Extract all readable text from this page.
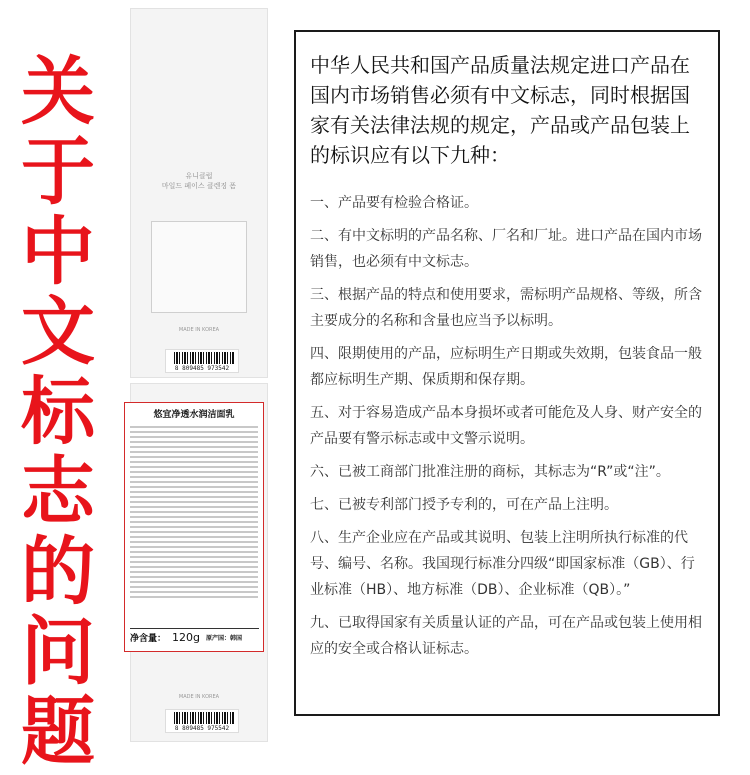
关
于
中
文
标
志
的
问
题
유니클럽
마일드 페이스 클렌징 폼
MADE IN KOREA
8 809485 973542
MADE IN KOREA
8 809485 975542
悠宜净透水润洁面乳
净含量： 120g 原产国：韩国

中华人民共和国产品质量法规定进口产品在国内市场销售必须有中文标志，同时根据国家有关法律法规的规定，产品或产品包装上的标识应有以下九种：

一、产品要有检验合格证。

二、有中文标明的产品名称、厂名和厂址。进口产品在国内市场销售，也必须有中文标志。

三、根据产品的特点和使用要求，需标明产品规格、等级，所含主要成分的名称和含量也应当予以标明。

四、限期使用的产品，应标明生产日期或失效期，包装食品一般都应标明生产期、保质期和保存期。

五、对于容易造成产品本身损坏或者可能危及人身、财产安全的产品要有警示标志或中文警示说明。

六、已被工商部门批准注册的商标，其标志为“R”或“注”。

七、已被专利部门授予专利的，可在产品上注明。

八、生产企业应在产品或其说明、包装上注明所执行标准的代号、编号、名称。我国现行标准分四级“即国家标准（GB）、行业标准（HB）、地方标准（DB）、企业标准（QB）。”

九、已取得国家有关质量认证的产品，可在产品或包装上使用相应的安全或合格认证标志。
